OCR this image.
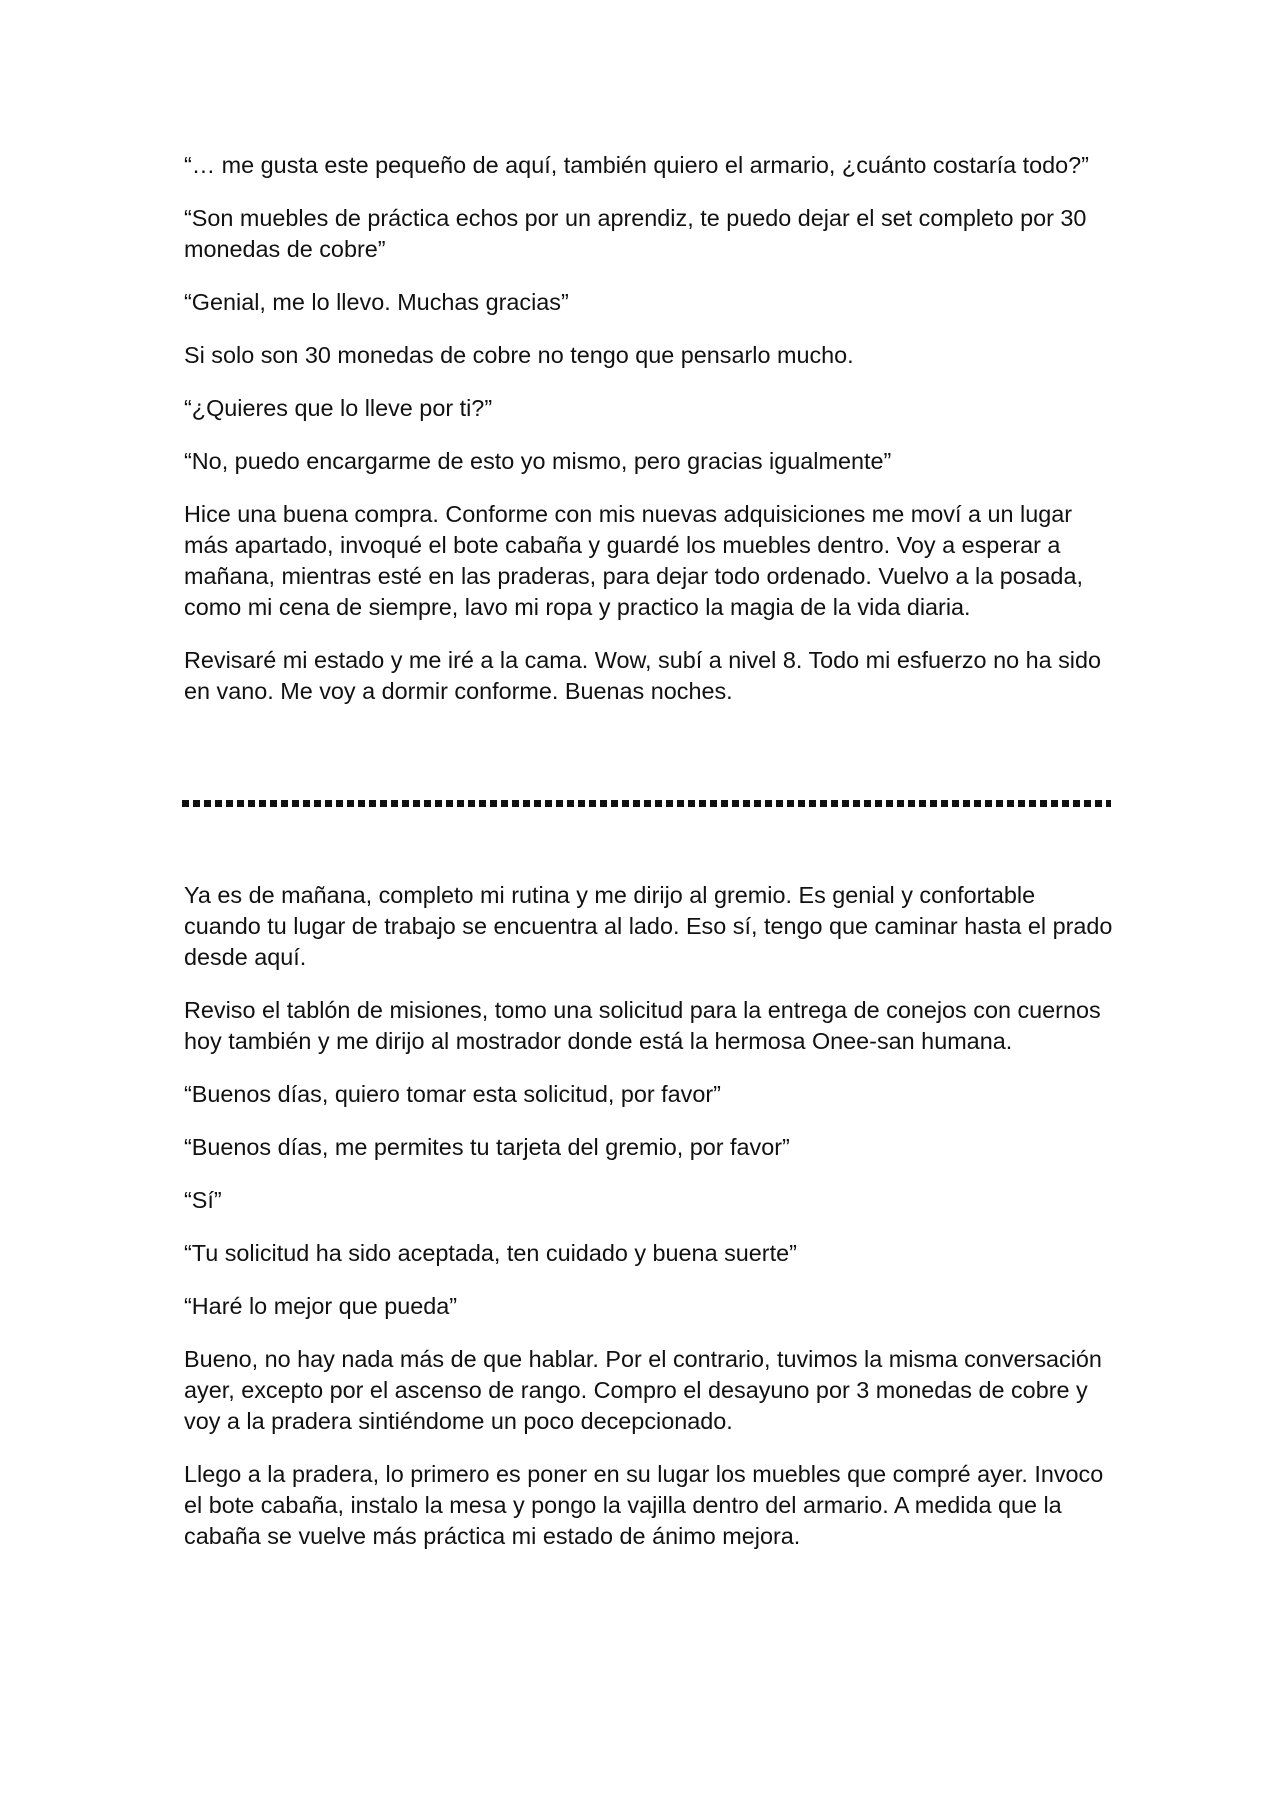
“… me gusta este pequeño de aquí, también quiero el armario, ¿cuánto costaría todo?”

“Son muebles de práctica echos por un aprendiz, te puedo dejar el set completo por 30 monedas de cobre”

“Genial, me lo llevo. Muchas gracias”

Si solo son 30 monedas de cobre no tengo que pensarlo mucho.

“¿Quieres que lo lleve por ti?”

“No, puedo encargarme de esto yo mismo, pero gracias igualmente”

Hice una buena compra. Conforme con mis nuevas adquisiciones me moví a un lugar más apartado, invoqué el bote cabaña y guardé los muebles dentro. Voy a esperar a mañana, mientras esté en las praderas, para dejar todo ordenado. Vuelvo a la posada, como mi cena de siempre, lavo mi ropa y practico la magia de la vida diaria.

Revisaré mi estado y me iré a la cama. Wow, subí a nivel 8. Todo mi esfuerzo no ha sido en vano. Me voy a dormir conforme. Buenas noches.

Ya es de mañana, completo mi rutina y me dirijo al gremio. Es genial y confortable cuando tu lugar de trabajo se encuentra al lado. Eso sí, tengo que caminar hasta el prado desde aquí.

Reviso el tablón de misiones, tomo una solicitud para la entrega de conejos con cuernos hoy también y me dirijo al mostrador donde está la hermosa Onee-san humana.

“Buenos días, quiero tomar esta solicitud, por favor”

“Buenos días, me permites tu tarjeta del gremio, por favor”

“Sí”

“Tu solicitud ha sido aceptada, ten cuidado y buena suerte”

“Haré lo mejor que pueda”

Bueno, no hay nada más de que hablar. Por el contrario, tuvimos la misma conversación ayer, excepto por el ascenso de rango. Compro el desayuno por 3 monedas de cobre y voy a la pradera sintiéndome un poco decepcionado.

Llego a la pradera, lo primero es poner en su lugar los muebles que compré ayer. Invoco el bote cabaña, instalo la mesa y pongo la vajilla dentro del armario. A medida que la cabaña se vuelve más práctica mi estado de ánimo mejora.
